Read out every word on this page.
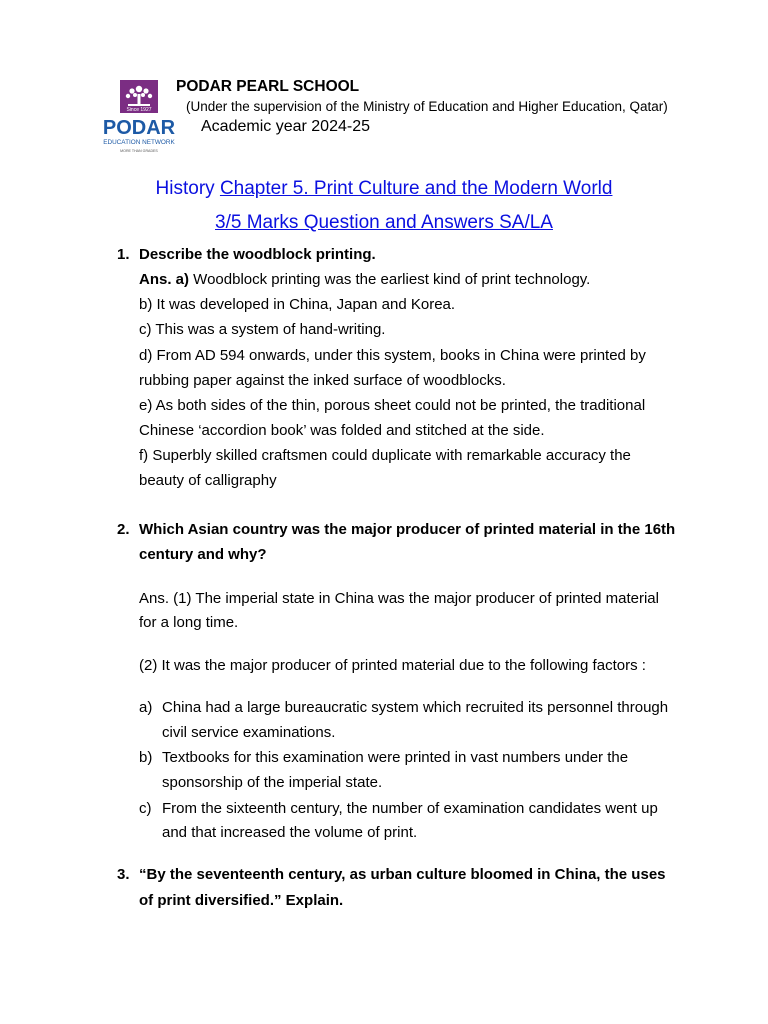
Since 1927
PODAR
EDUCATION NETWORK
MORE THAN GRADES
PODAR PEARL SCHOOL
(Under the supervision of the Ministry of Education and Higher Education, Qatar)
Academic year 2024-25
History Chapter 5. Print Culture and the Modern World
3/5 Marks Question and Answers SA/LA
1. Describe the woodblock printing.
Ans. a) Woodblock printing was the earliest kind of print technology.
b) It was developed in China, Japan and Korea.
c) This was a system of hand-writing.
d) From AD 594 onwards, under this system, books in China were printed by
rubbing paper against the inked surface of woodblocks.
e) As both sides of the thin, porous sheet could not be printed, the traditional
Chinese ‘accordion book’ was folded and stitched at the side.
f) Superbly skilled craftsmen could duplicate with remarkable accuracy the
beauty of calligraphy
2. Which Asian country was the major producer of printed material in the 16th
century and why?
Ans. (1) The imperial state in China was the major producer of printed material
for a long time.
(2) It was the major producer of printed material due to the following factors :
a) China had a large bureaucratic system which recruited its personnel through
civil service examinations.
b) Textbooks for this examination were printed in vast numbers under the
sponsorship of the imperial state.
c) From the sixteenth century, the number of examination candidates went up
and that increased the volume of print.
3. “By the seventeenth century, as urban culture bloomed in China, the uses
of print diversified.” Explain.
